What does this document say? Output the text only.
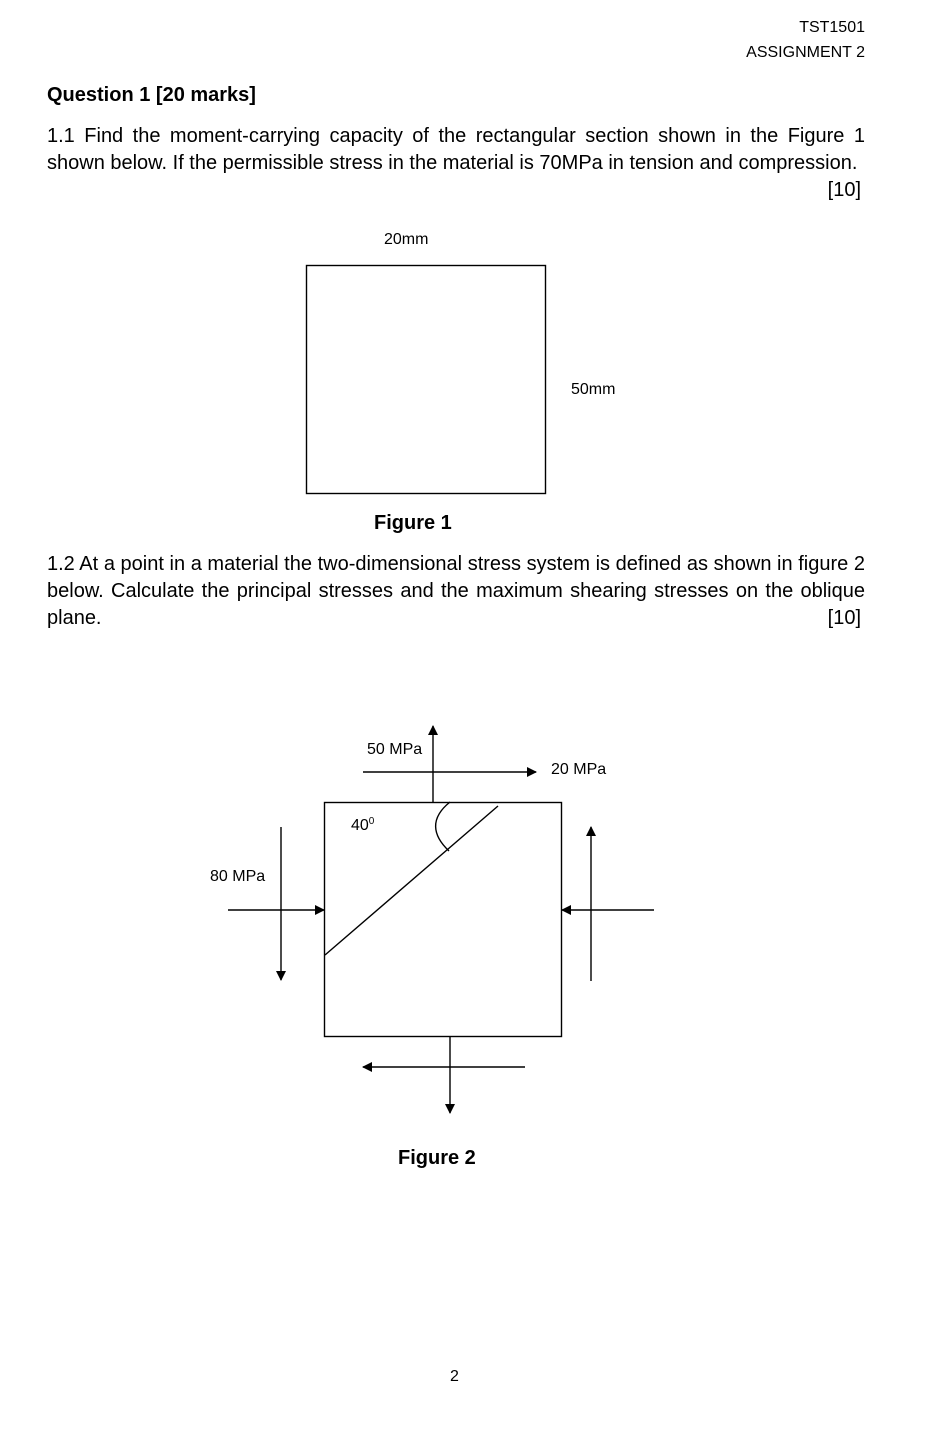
TST1501
ASSIGNMENT 2
Question 1 [20 marks]
1.1 Find the moment-carrying capacity of the rectangular section shown in the Figure 1 shown below. If the permissible stress in the material is 70MPa in tension and compression.
[10]
20mm
50mm
$40^0$
50 MPa
20 MPa
80 MPa
Figure 1
1.2 At a point in a material the two-dimensional stress system is defined as shown in figure 2 below. Calculate the principal stresses and the maximum shearing stresses on the oblique plane.	[10]
Figure 2
2
